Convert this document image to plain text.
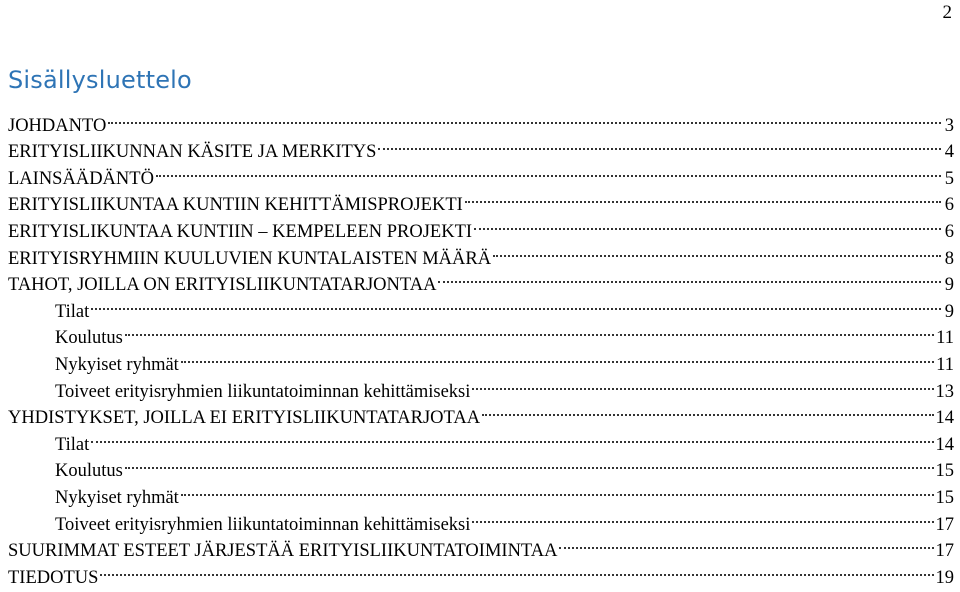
2
Sisällysluettelo
JOHDANTO	3
ERITYISLIIKUNNAN KÄSITE JA MERKITYS	4
LAINSÄÄDÄNTÖ	5
ERITYISLIIKUNTAA KUNTIIN KEHITTÄMISPROJEKTI	6
ERITYISLIKUNTAA KUNTIIN – KEMPELEEN PROJEKTI	6
ERITYISRYHMIIN KUULUVIEN KUNTALAISTEN MÄÄRÄ	8
TAHOT, JOILLA ON ERITYISLIIKUNTATARJONTAA	9
Tilat	9
Koulutus	11
Nykyiset ryhmät	11
Toiveet erityisryhmien liikuntatoiminnan kehittämiseksi	13
YHDISTYKSET, JOILLA EI ERITYISLIIKUNTATARJOTAA	14
Tilat	14
Koulutus	15
Nykyiset ryhmät	15
Toiveet erityisryhmien liikuntatoiminnan kehittämiseksi	17
SUURIMMAT ESTEET JÄRJESTÄÄ ERITYISLIIKUNTATOIMINTAA	17
TIEDOTUS	19
